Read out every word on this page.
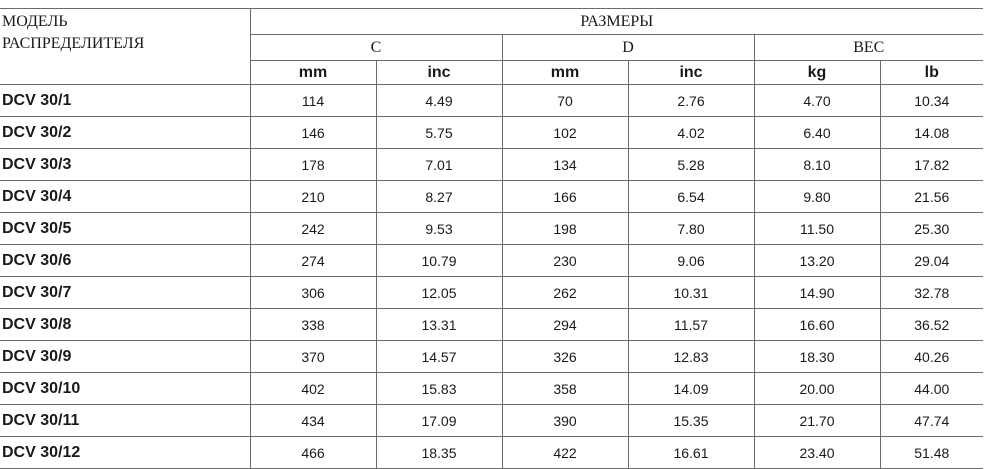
МОДЕЛЬ
РАСПРЕДЕЛИТЕЛЯ	РАЗМЕРЫ					
	C		D		ВЕС	
	mm	inc	mm	inc	kg	lb
DCV 30/1	114	4.49	70	2.76	4.70	10.34
DCV 30/2	146	5.75	102	4.02	6.40	14.08
DCV 30/3	178	7.01	134	5.28	8.10	17.82
DCV 30/4	210	8.27	166	6.54	9.80	21.56
DCV 30/5	242	9.53	198	7.80	11.50	25.30
DCV 30/6	274	10.79	230	9.06	13.20	29.04
DCV 30/7	306	12.05	262	10.31	14.90	32.78
DCV 30/8	338	13.31	294	11.57	16.60	36.52
DCV 30/9	370	14.57	326	12.83	18.30	40.26
DCV 30/10	402	15.83	358	14.09	20.00	44.00
DCV 30/11	434	17.09	390	15.35	21.70	47.74
DCV 30/12	466	18.35	422	16.61	23.40	51.48
